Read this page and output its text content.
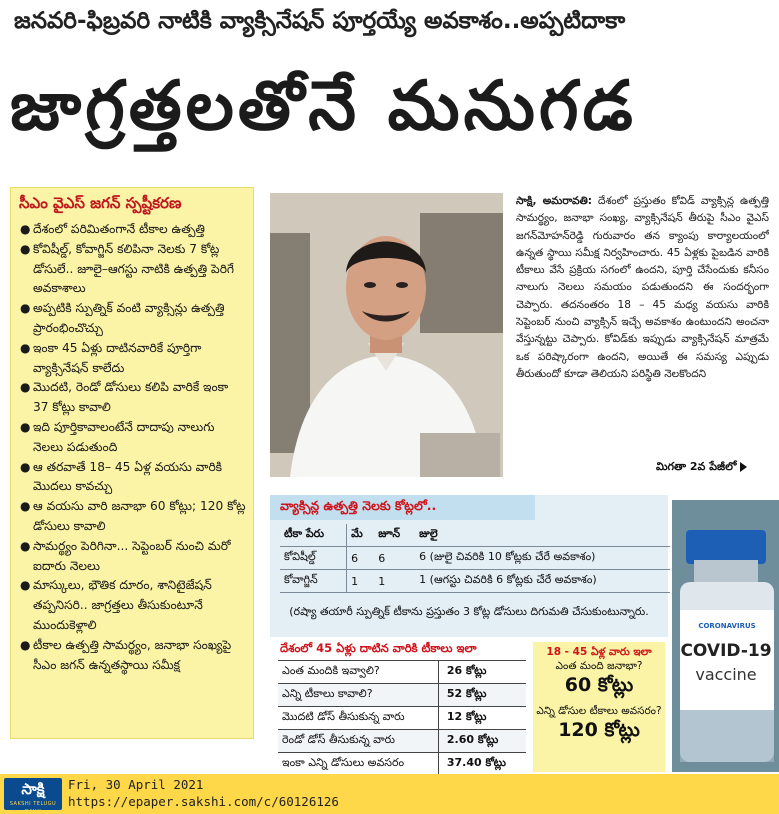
జనవరి-ఫిబ్రవరి నాటికి వ్యాక్సినేషన్ పూర్తయ్యే అవకాశం..అప్పటిదాకా
జాగ్రత్తలతోనే మనుగడ
సీఎం వైఎస్ జగన్ స్పష్టీకరణ
● దేశంలో పరిమితంగానే టీకాల ఉత్పత్తి
● కోవిషీల్డ్, కోవాగ్జిన్ కలిపినా నెలకు 7 కోట్ల డోసులే.. జూలై–ఆగస్టు నాటికి ఉత్పత్తి పెరిగే అవకాశాలు
● అప్పటికి స్పుత్నిక్ వంటి వ్యాక్సిన్లు ఉత్పత్తి ప్రారంభించొచ్చు
● ఇంకా 45 ఏళ్లు దాటినవారికే పూర్తిగా వ్యాక్సినేషన్ కాలేదు
● మొదటి, రెండో డోసులు కలిపి వారికే ఇంకా 37 కోట్లు కావాలి
● ఇది పూర్తికావాలంటేనే దాదాపు నాలుగు నెలలు పడుతుంది
● ఆ తరవాతే 18– 45 ఏళ్ల వయసు వారికి మొదలు కావచ్చు
● ఆ వయసు వారి జనాభా 60 కోట్లు; 120 కోట్ల డోసులు కావాలి
● సామర్థ్యం పెరిగినా... సెప్టెంబర్ నుంచి మరో ఐదారు నెలలు
● మాస్కులు, భౌతిక దూరం, శానిటైజేషన్ తప్పనిసరి.. జాగ్రత్తలు తీసుకుంటూనే ముందుకెళ్లాలి
● టీకాల ఉత్పత్తి సామర్థ్యం, జనాభా సంఖ్యపై సీఎం జగన్ ఉన్నతస్థాయి సమీక్ష
సాక్షి, అమరావతి: దేశంలో ప్రస్తుతం కోవిడ్ వ్యాక్సిన్ల ఉత్పత్తి సామర్థ్యం, జనాభా సంఖ్య, వ్యాక్సినేషన్ తీరుపై సీఎం వైఎస్ జగన్‌మోహన్‌రెడ్డి గురువారం తన క్యాంపు కార్యాలయంలో ఉన్నత స్థాయి సమీక్ష నిర్వహించారు. 45 ఏళ్లకు పైబడిన వారికి టీకాలు వేసే ప్రక్రియ సగంలో ఉందని, పూర్తి చేసేందుకు కనీసం నాలుగు నెలలు సమయం పడుతుందని ఈ సందర్భంగా చెప్పారు. తదనంతరం 18 – 45 మధ్య వయసు వారికి సెప్టెంబర్ నుంచి వ్యాక్సిన్ ఇచ్చే అవకాశం ఉంటుందని అంచనా వేస్తున్నట్టు చెప్పారు. కోవిడ్‌కు ఇప్పుడు వ్యాక్సినేషన్ మాత్రమే ఒక పరిష్కారంగా ఉందని, అయితే ఈ సమస్య ఎప్పుడు తీరుతుందో కూడా తెలియని పరిస్థితి నెలకొందని
మిగతా 2వ పేజీలో
వ్యాక్సిన్ల ఉత్పత్తి నెలకు కోట్లలో..
టీకా పేరు	మే	జూన్	జులై
కోవిషీల్డ్	6	6	6 (జులై చివరికి 10 కోట్లకు చేరే అవకాశం)
కోవాగ్జిన్	1	1	1 (ఆగస్టు చివరికి 6 కోట్లకు చేరే అవకాశం)
(రష్యా తయారీ స్పుత్నిక్ టీకాను ప్రస్తుతం 3 కోట్ల డోసులు దిగుమతి చేసుకుంటున్నారు.
దేశంలో 45 ఏళ్లు దాటిన వారికి టీకాలు ఇలా
ఎంత మందికి ఇవ్వాలి?	26 కోట్లు
ఎన్ని టీకాలు కావాలి?	52 కోట్లు
మొదటి డోస్ తీసుకున్న వారు	12 కోట్లు
రెండో డోస్ తీసుకున్న వారు	2.60 కోట్లు
ఇంకా ఎన్ని డోసులు అవసరం	37.40 కోట్లు
18 - 45 ఏళ్ల వారు ఇలా
ఎంత మంది జనాభా?
60 కోట్లు
ఎన్ని డోసుల టీకాలు అవసరం?
120 కోట్లు
CORONAVIRUS
COVID-19
vaccine
సాక్షి
SAKSHI TELUGU DAILY
Fri, 30 April 2021
https://epaper.sakshi.com/c/60126126
